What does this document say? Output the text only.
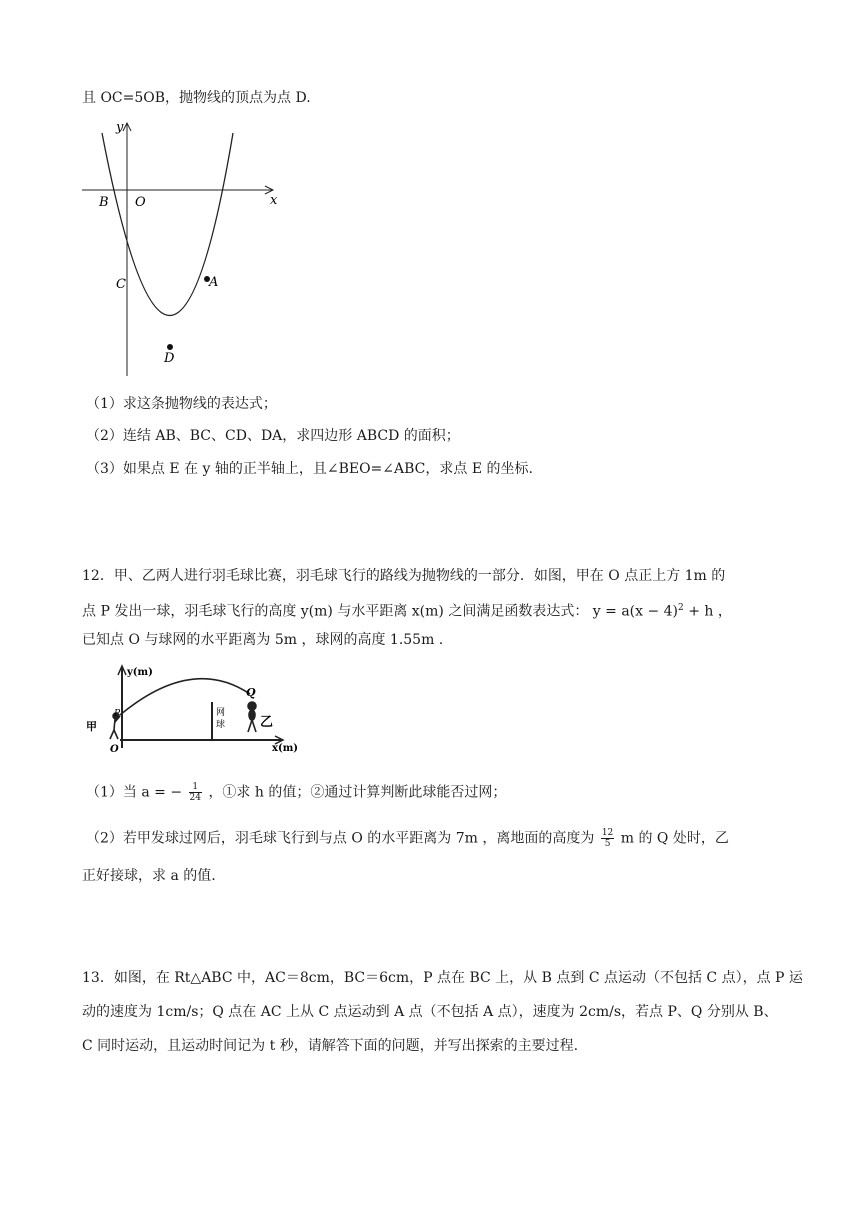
且 OC=5OB，抛物线的顶点为点 D.
y
x
B O
C	A
D
（1）求这条抛物线的表达式；
（2）连结 AB、BC、CD、DA，求四边形 ABCD 的面积；
（3）如果点 E 在 y 轴的正半轴上，且∠BEO=∠ABC，求点 E 的坐标.
12．甲、乙两人进行羽毛球比赛，羽毛球飞行的路线为抛物线的一部分．如图，甲在 O 点正上方 1m 的
点 P 发出一球，羽毛球飞行的高度 y(m) 与水平距离 x(m) 之间满足函数表达式： $y = a(x - 4)^2 + h$ ，
已知点 O 与球网的水平距离为 5m ，球网的高度 1.55m .
网
球
甲
P
乙
Q
y(m)
x(m)
O
（1）当 a = − $\frac{1}{24}$ ，①求 h 的值；②通过计算判断此球能否过网；
（2）若甲发球过网后，羽毛球飞行到与点 O 的水平距离为 7m ，离地面的高度为 $\frac{12}{5}$ m 的 Q 处时，乙
正好接球，求 a 的值.
13．如图，在 Rt△ABC 中，AC＝8cm，BC＝6cm，P 点在 BC 上，从 B 点到 C 点运动（不包括 C 点），点 P 运
动的速度为 1cm/s；Q 点在 AC 上从 C 点运动到 A 点（不包括 A 点），速度为 2cm/s，若点 P、Q 分别从 B、
C 同时运动，且运动时间记为 t 秒，请解答下面的问题，并写出探索的主要过程.
